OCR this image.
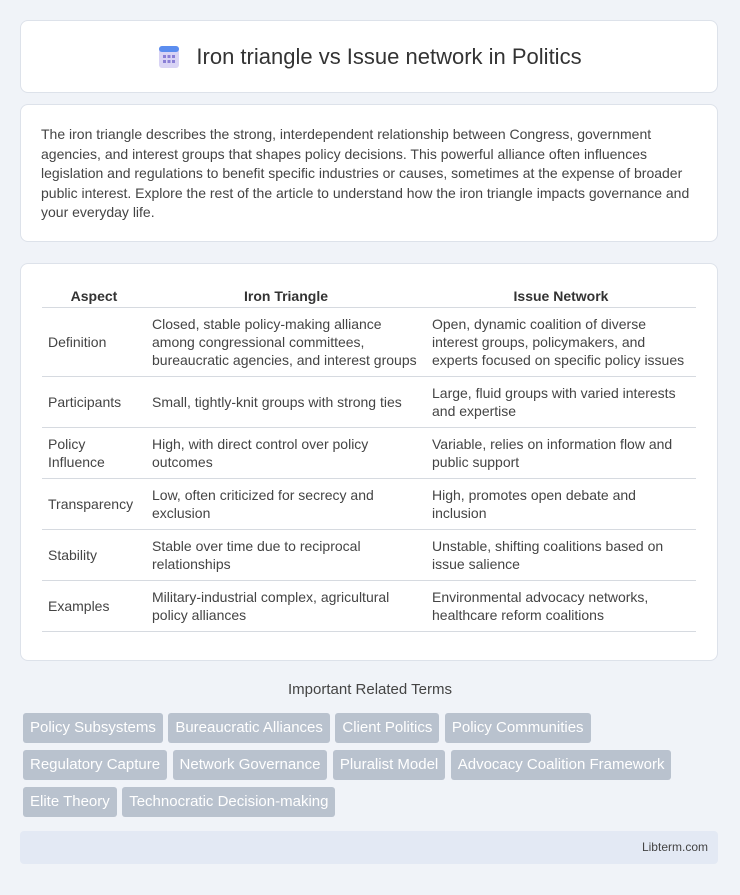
Iron triangle vs Issue network in Politics

The iron triangle describes the strong, interdependent relationship between Congress, government agencies, and interest groups that shapes policy decisions. This powerful alliance often influences legislation and regulations to benefit specific industries or causes, sometimes at the expense of broader public interest. Explore the rest of the article to understand how the iron triangle impacts governance and your everyday life.

Aspect	Iron Triangle	Issue Network
Definition	Closed, stable policy-making alliance among congressional committees, bureaucratic agencies, and interest groups	Open, dynamic coalition of diverse interest groups, policymakers, and experts focused on specific policy issues
Participants	Small, tightly-knit groups with strong ties	Large, fluid groups with varied interests and expertise
Policy Influence	High, with direct control over policy outcomes	Variable, relies on information flow and public support
Transparency	Low, often criticized for secrecy and exclusion	High, promotes open debate and inclusion
Stability	Stable over time due to reciprocal relationships	Unstable, shifting coalitions based on issue salience
Examples	Military-industrial complex, agricultural policy alliances	Environmental advocacy networks, healthcare reform coalitions
Important Related Terms
Policy Subsystems Bureaucratic Alliances Client Politics Policy Communities Regulatory Capture Network Governance Pluralist Model Advocacy Coalition Framework Elite Theory Technocratic Decision-making
Libterm.com
